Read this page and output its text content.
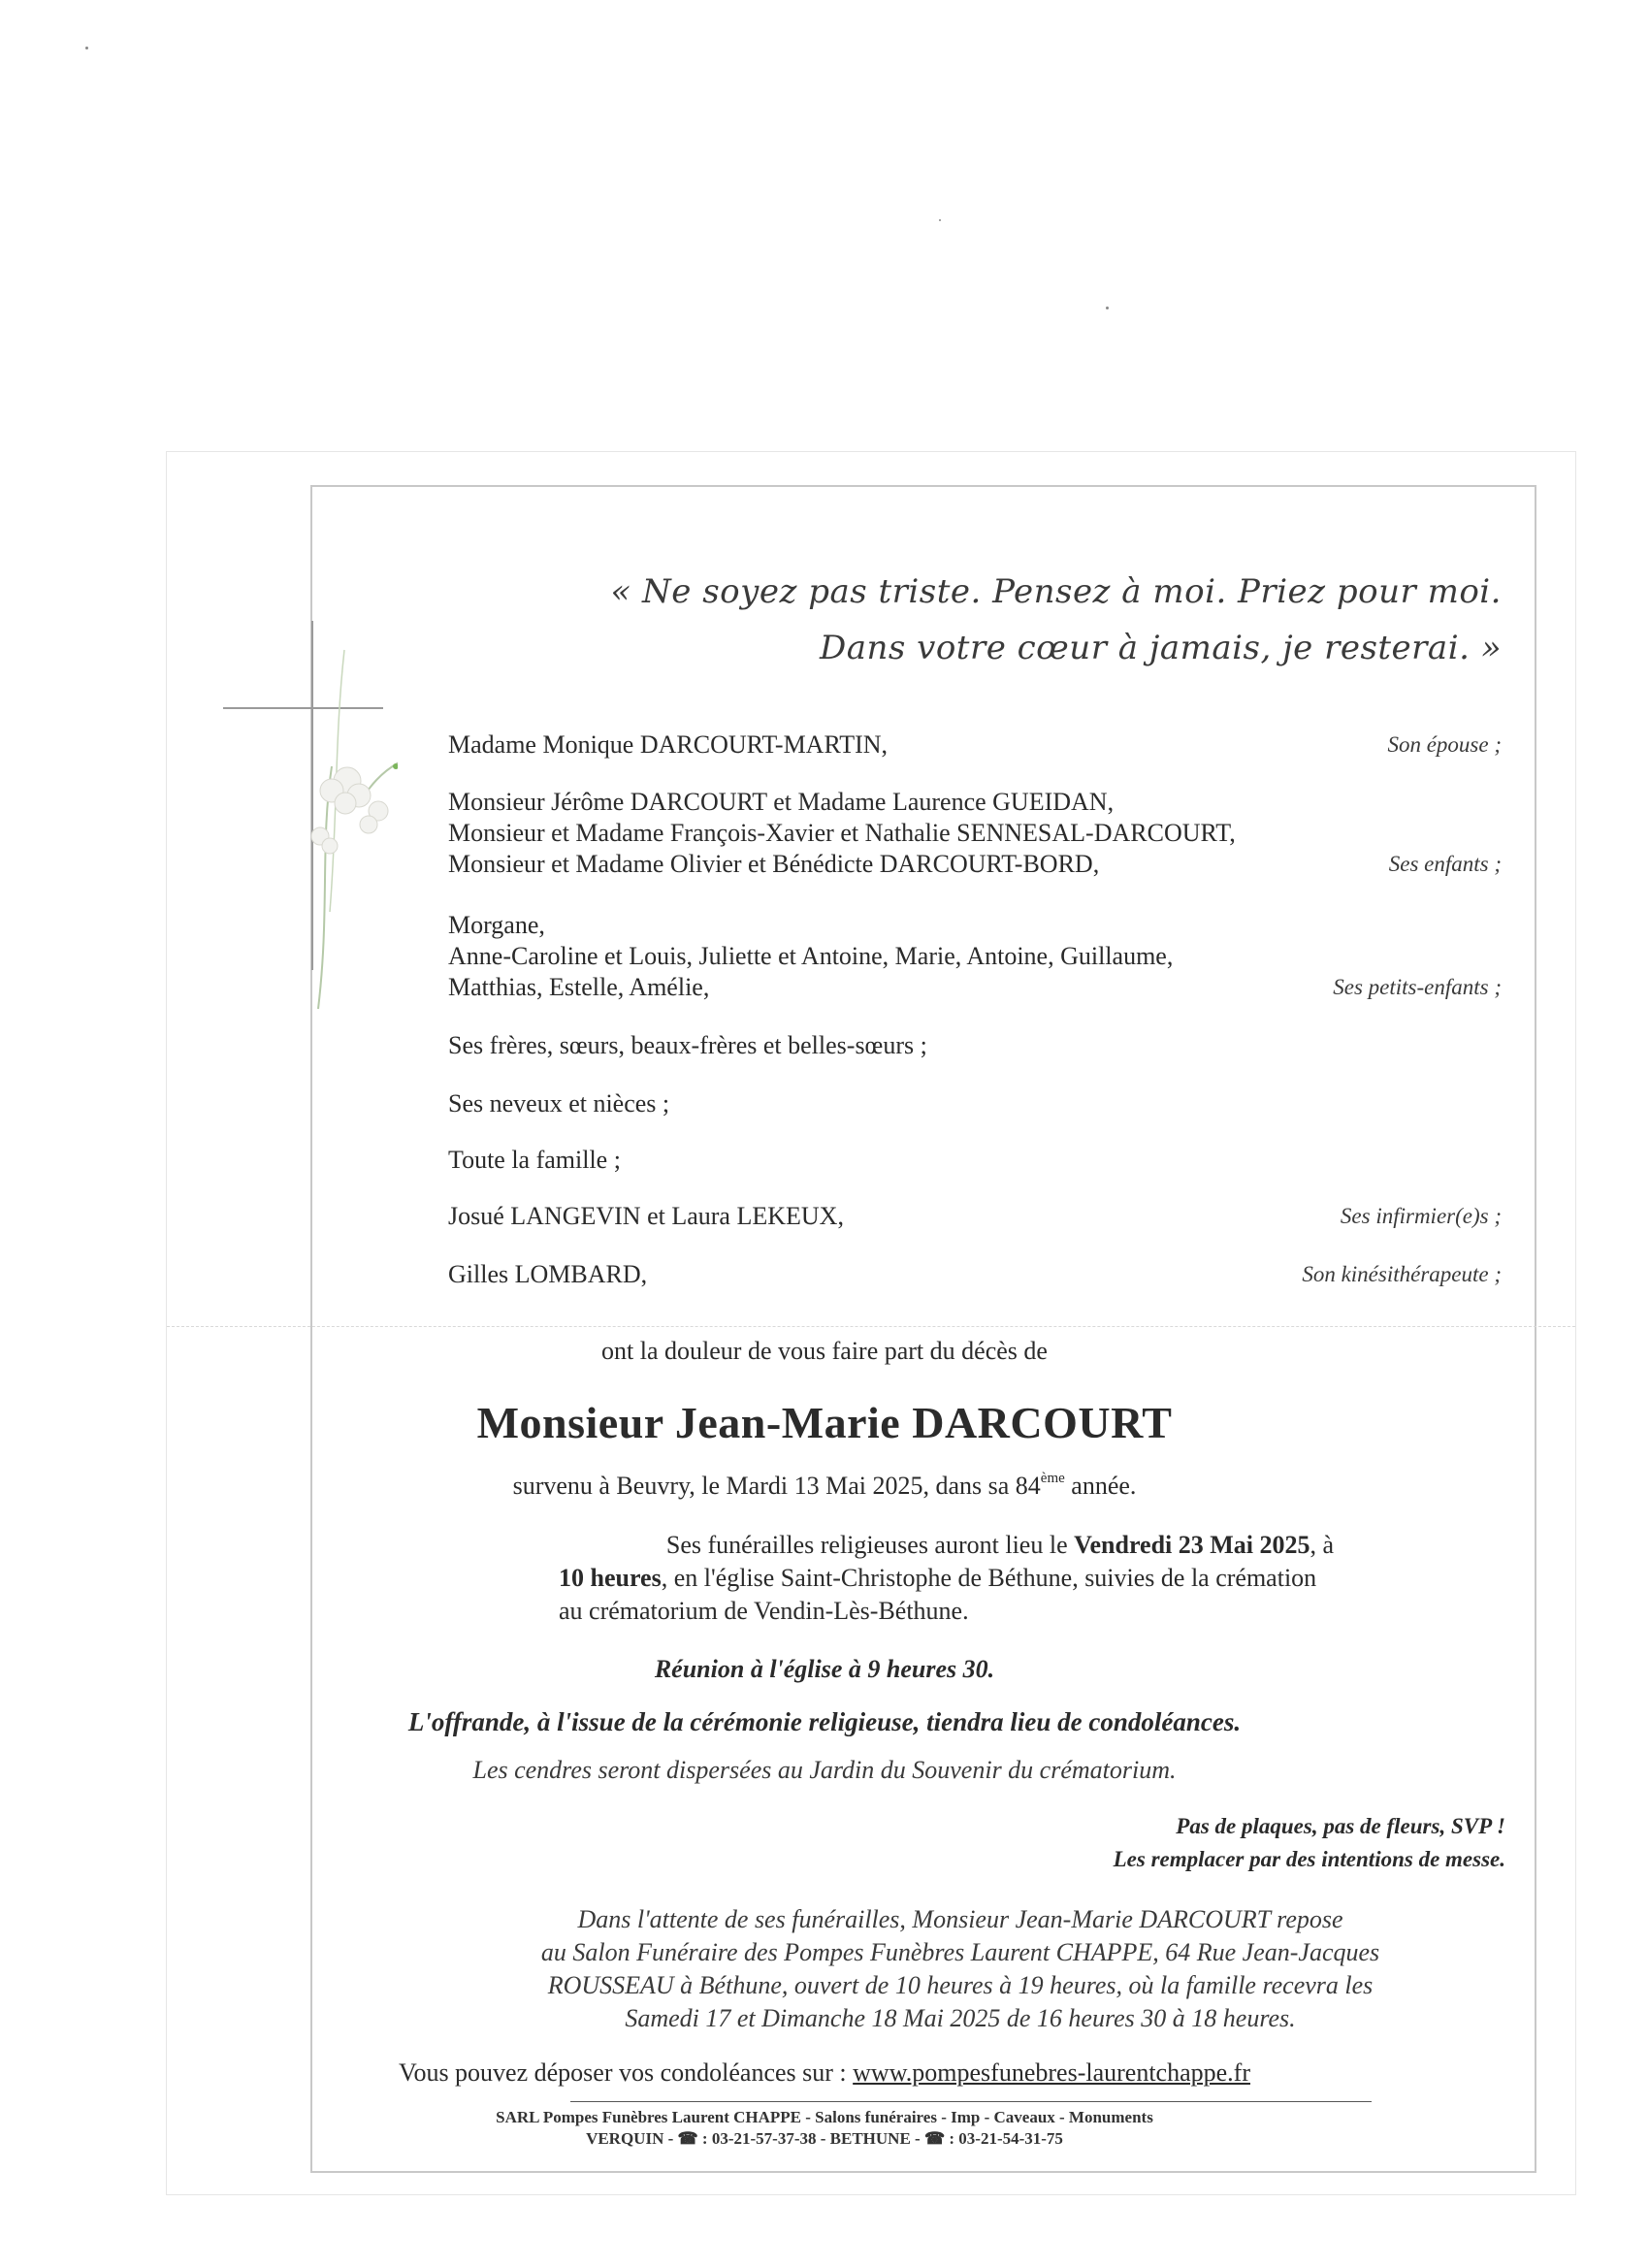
« Ne soyez pas triste. Pensez à moi. Priez pour moi.
Dans votre cœur à jamais, je resterai. »
Madame Monique DARCOURT-MARTIN,	Son épouse ;
Monsieur Jérôme DARCOURT et Madame Laurence GUEIDAN,
Monsieur et Madame François-Xavier et Nathalie SENNESAL-DARCOURT,
Monsieur et Madame Olivier et Bénédicte DARCOURT-BORD,	Ses enfants ;
Morgane,
Anne-Caroline et Louis, Juliette et Antoine, Marie, Antoine, Guillaume,
Matthias, Estelle, Amélie,	Ses petits-enfants ;
Ses frères, sœurs, beaux-frères et belles-sœurs ;
Ses neveux et nièces ;
Toute la famille ;
Josué LANGEVIN et Laura LEKEUX,	Ses infirmier(e)s ;
Gilles LOMBARD,	Son kinésithérapeute ;
ont la douleur de vous faire part du décès de
Monsieur Jean-Marie DARCOURT
survenu à Beuvry, le Mardi 13 Mai 2025, dans sa 84ème année.
Ses funérailles religieuses auront lieu le Vendredi 23 Mai 2025, à
10 heures, en l'église Saint-Christophe de Béthune, suivies de la crémation
au crématorium de Vendin-Lès-Béthune.
Réunion à l'église à 9 heures 30.
L'offrande, à l'issue de la cérémonie religieuse, tiendra lieu de condoléances.
Les cendres seront dispersées au Jardin du Souvenir du crématorium.
Pas de plaques, pas de fleurs, SVP !
Les remplacer par des intentions de messe.
Dans l'attente de ses funérailles, Monsieur Jean-Marie DARCOURT repose
au Salon Funéraire des Pompes Funèbres Laurent CHAPPE, 64 Rue Jean-Jacques
ROUSSEAU à Béthune, ouvert de 10 heures à 19 heures, où la famille recevra les
Samedi 17 et Dimanche 18 Mai 2025 de 16 heures 30 à 18 heures.
Vous pouvez déposer vos condoléances sur : www.pompesfunebres-laurentchappe.fr
SARL Pompes Funèbres Laurent CHAPPE - Salons funéraires - Imp - Caveaux - Monuments
VERQUIN - ☎ : 03-21-57-37-38 - BETHUNE - ☎ : 03-21-54-31-75
